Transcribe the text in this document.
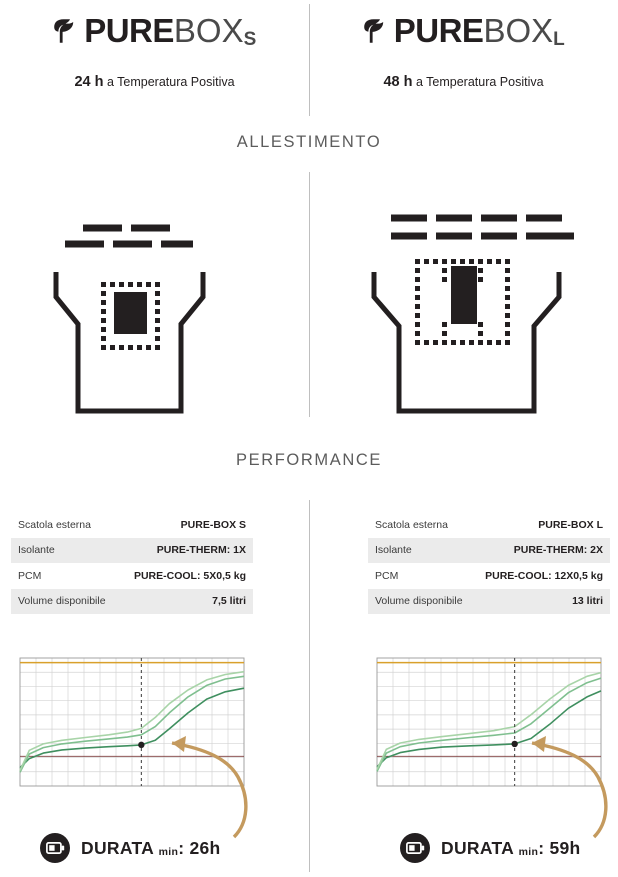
PUREBOXS
24 h a Temperatura Positiva
PUREBOXL
48 h a Temperatura Positiva
ALLESTIMENTO
PERFORMANCE
Scatola esterna	PURE-BOX S
Isolante	PURE-THERM: 1X
PCM	PURE-COOL: 5X0,5 kg
Volume disponibile	7,5 litri
Scatola esterna	PURE-BOX L
Isolante	PURE-THERM: 2X
PCM	PURE-COOL: 12X0,5 kg
Volume disponibile	13 litri
DURATA min: 26h	DURATA min: 59h
